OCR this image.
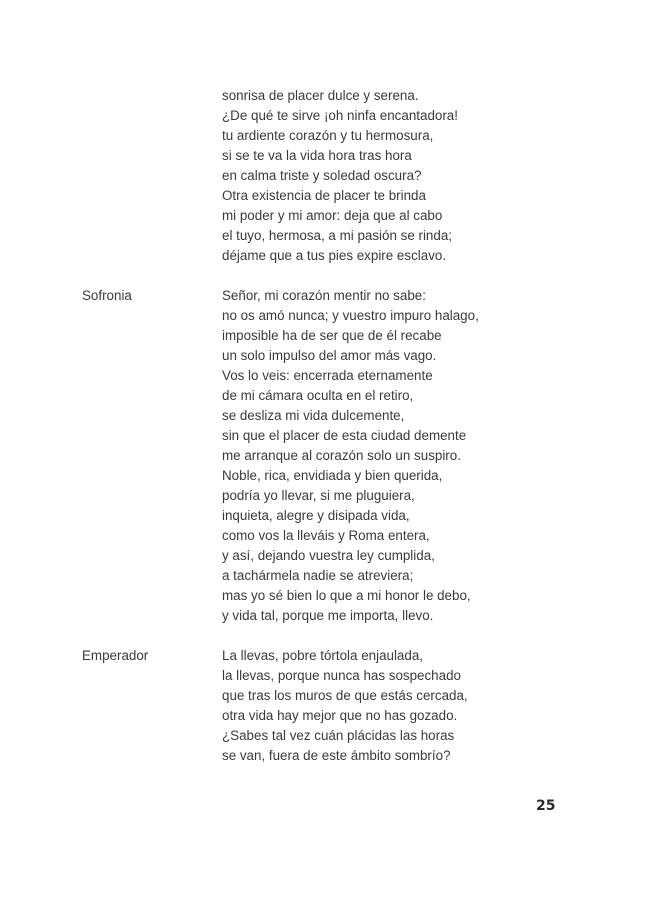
sonrisa de placer dulce y serena.
¿De qué te sirve ¡oh ninfa encantadora!
tu ardiente corazón y tu hermosura,
si se te va la vida hora tras hora
en calma triste y soledad oscura?
Otra existencia de placer te brinda
mi poder y mi amor: deja que al cabo
el tuyo, hermosa, a mi pasión se rinda;
déjame que a tus pies expire esclavo.
Sofronia	Señor, mi corazón mentir no sabe:
no os amó nunca; y vuestro impuro halago,
imposible ha de ser que de él recabe
un solo impulso del amor más vago.
Vos lo veis: encerrada eternamente
de mi cámara oculta en el retiro,
se desliza mi vida dulcemente,
sin que el placer de esta ciudad demente
me arranque al corazón solo un suspiro.
Noble, rica, envidiada y bien querida,
podría yo llevar, si me pluguiera,
inquieta, alegre y disipada vida,
como vos la lleváis y Roma entera,
y así, dejando vuestra ley cumplida,
a tachármela nadie se atreviera;
mas yo sé bien lo que a mi honor le debo,
y vida tal, porque me importa, llevo.
Emperador	La llevas, pobre tórtola enjaulada,
la llevas, porque nunca has sospechado
que tras los muros de que estás cercada,
otra vida hay mejor que no has gozado.
¿Sabes tal vez cuán plácidas las horas
se van, fuera de este ámbito sombrío?
25
